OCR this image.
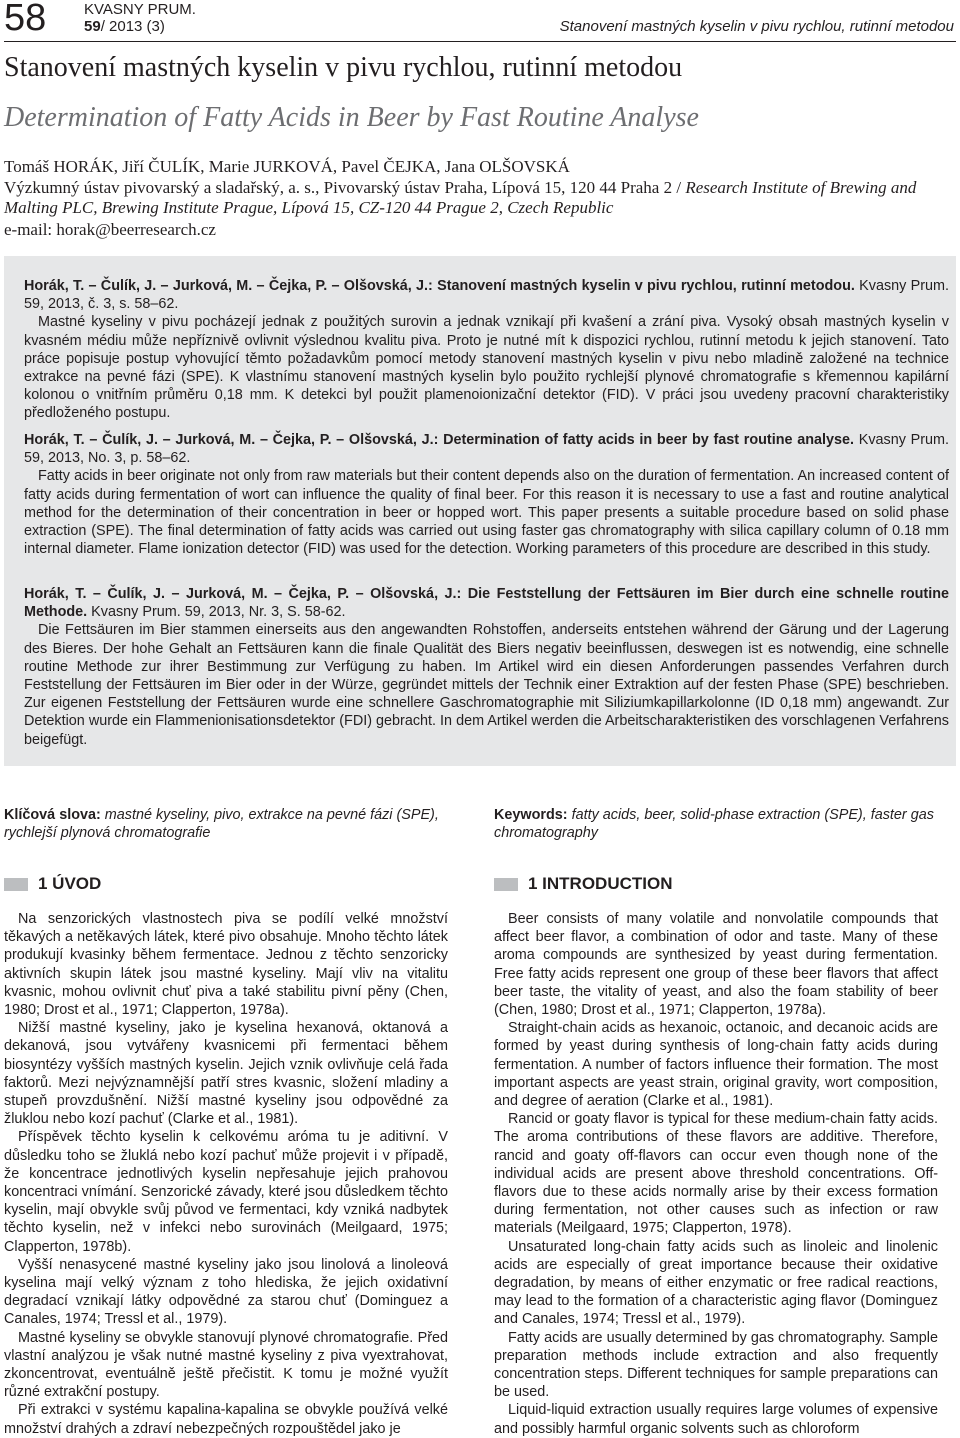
58	KVASNY PRUM.
59/ 2013 (3)	Stanovení mastných kyselin v pivu rychlou, rutinní metodou
Stanovení mastných kyselin v pivu rychlou, rutinní metodou
Determination of Fatty Acids in Beer by Fast Routine Analyse
Tomáš HORÁK, Jiří ČULÍK, Marie JURKOVÁ, Pavel ČEJKA, Jana OLŠOVSKÁ
Výzkumný ústav pivovarský a sladařský, a. s., Pivovarský ústav Praha, Lípová 15, 120 44 Praha 2 / Research Institute of Brewing and Malting PLC, Brewing Institute Prague, Lípová 15, CZ-120 44 Prague 2, Czech Republic
e-mail: horak@beerresearch.cz

Horák, T. – Čulík, J. – Jurková, M. – Čejka, P. – Olšovská, J.: Stanovení mastných kyselin v pivu rychlou, rutinní metodou. Kvasny Prum. 59, 2013, č. 3, s. 58–62.

Mastné kyseliny v pivu pocházejí jednak z použitých surovin a jednak vznikají při kvašení a zrání piva. Vysoký obsah mastných kyselin v kvasném médiu může nepříznivě ovlivnit výslednou kvalitu piva. Proto je nutné mít k dispozici rychlou, rutinní metodu k jejich stanovení. Tato práce popisuje postup vyhovující těmto požadavkům pomocí metody stanovení mastných kyselin v pivu nebo mladině založené na technice extrakce na pevné fázi (SPE). K vlastnímu stanovení mastných kyselin bylo použito rychlejší plynové chromatografie s křemennou kapilární kolonou o vnitřním průměru 0,18 mm. K detekci byl použit plamenoionizační detektor (FID). V práci jsou uvedeny pracovní charakteristiky předloženého postupu.

Horák, T. – Čulík, J. – Jurková, M. – Čejka, P. – Olšovská, J.: Determination of fatty acids in beer by fast routine analyse. Kvasny Prum. 59, 2013, No. 3, p. 58–62.

Fatty acids in beer originate not only from raw materials but their content depends also on the duration of fermentation. An increased content of fatty acids during fermentation of wort can influence the quality of final beer. For this reason it is necessary to use a fast and routine analytical method for the determination of their concentration in beer or hopped wort. This paper presents a suitable procedure based on solid phase extraction (SPE). The final determination of fatty acids was carried out using faster gas chromatography with silica capillary column of 0.18 mm internal diameter. Flame ionization detector (FID) was used for the detection. Working parameters of this procedure are described in this study.

Horák, T. – Čulík, J. – Jurková, M. – Čejka, P. – Olšovská, J.: Die Feststellung der Fettsäuren im Bier durch eine schnelle routine Methode. Kvasny Prum. 59, 2013, Nr. 3, S. 58-62.

Die Fettsäuren im Bier stammen einerseits aus den angewandten Rohstoffen, anderseits entstehen während der Gärung und der Lagerung des Bieres. Der hohe Gehalt an Fettsäuren kann die finale Qualität des Biers negativ beeinflussen, deswegen ist es notwendig, eine schnelle routine Methode zur ihrer Bestimmung zur Verfügung zu haben. Im Artikel wird ein diesen Anforderungen passendes Verfahren durch Feststellung der Fettsäuren im Bier oder in der Würze, gegründet mittels der Technik einer Extraktion auf der festen Phase (SPE) beschrieben. Zur eigenen Feststellung der Fettsäuren wurde eine schnellere Gaschromatographie mit Siliziumkapillarkolonne (ID 0,18 mm) angewandt. Zur Detektion wurde ein Flammenionisationsdetektor (FDI) gebracht. In dem Artikel werden die Arbeitscharakteristiken des vorschlagenen Verfahrens beigefügt.

Klíčová slova: mastné kyseliny, pivo, extrakce na pevné fázi (SPE), rychlejší plynová chromatografie
Keywords: fatty acids, beer, solid-phase extraction (SPE), faster gas chromatography
1 ÚVOD	1 INTRODUCTION

Na senzorických vlastnostech piva se podílí velké množství těkavých a netěkavých látek, které pivo obsahuje. Mnoho těchto látek produkují kvasinky během fermentace. Jednou z těchto senzoricky aktivních skupin látek jsou mastné kyseliny. Mají vliv na vitalitu kvasnic, mohou ovlivnit chuť piva a také stabilitu pivní pěny (Chen, 1980; Drost et al., 1971; Clapperton, 1978a).

Nižší mastné kyseliny, jako je kyselina hexanová, oktanová a dekanová, jsou vytvářeny kvasnicemi při fermentaci během biosyntézy vyšších mastných kyselin. Jejich vznik ovlivňuje celá řada faktorů. Mezi nejvýznamnější patří stres kvasnic, složení mladiny a stupeň provzdušnění. Nižší mastné kyseliny jsou odpovědné za žluklou nebo kozí pachuť (Clarke et al., 1981).

Příspěvek těchto kyselin k celkovému aróma tu je aditivní. V důsledku toho se žluklá nebo kozí pachuť může projevit i v případě, že koncentrace jednotlivých kyselin nepřesahuje jejich prahovou koncentraci vnímání. Senzorické závady, které jsou důsledkem těchto kyselin, mají obvykle svůj původ ve fermentaci, kdy vzniká nadbytek těchto kyselin, než v infekci nebo surovinách (Meilgaard, 1975; Clapperton, 1978b).

Vyšší nenasycené mastné kyseliny jako jsou linolová a linoleová kyselina mají velký význam z toho hlediska, že jejich oxidativní degradací vznikají látky odpovědné za starou chuť (Dominguez a Canales, 1974; Tressl et al., 1979).

Mastné kyseliny se obvykle stanovují plynové chromatografie. Před vlastní analýzou je však nutné mastné kyseliny z piva vyextrahovat, zkoncentrovat, eventuálně ještě přečistit. K tomu je možné využít různé extrakční postupy.

Při extrakci v systému kapalina-kapalina se obvykle používá velké množství drahých a zdraví nebezpečných rozpouštědel jako je

Beer consists of many volatile and nonvolatile compounds that affect beer flavor, a combination of odor and taste. Many of these aroma compounds are synthesized by yeast during fermentation. Free fatty acids represent one group of these beer flavors that affect beer taste, the vitality of yeast, and also the foam stability of beer (Chen, 1980; Drost et al., 1971; Clapperton, 1978a).

Straight-chain acids as hexanoic, octanoic, and decanoic acids are formed by yeast during synthesis of long-chain fatty acids during fermentation. A number of factors influence their formation. The most important aspects are yeast strain, original gravity, wort composition, and degree of aeration (Clarke et al., 1981).

Rancid or goaty flavor is typical for these medium-chain fatty acids. The aroma contributions of these flavors are additive. Therefore, rancid and goaty off-flavors can occur even though none of the individual acids are present above threshold concentrations. Off-flavors due to these acids normally arise by their excess formation during fermentation, not other causes such as infection or raw materials (Meilgaard, 1975; Clapperton, 1978).

Unsaturated long-chain fatty acids such as linoleic and linolenic acids are especially of great importance because their oxidative degradation, by means of either enzymatic or free radical reactions, may lead to the formation of a characteristic aging flavor (Dominguez and Canales, 1974; Tressl et al., 1979).

Fatty acids are usually determined by gas chromatography. Sample preparation methods include extraction and also frequently concentration steps. Different techniques for sample preparations can be used.

Liquid-liquid extraction usually requires large volumes of expensive and possibly harmful organic solvents such as chloroform
